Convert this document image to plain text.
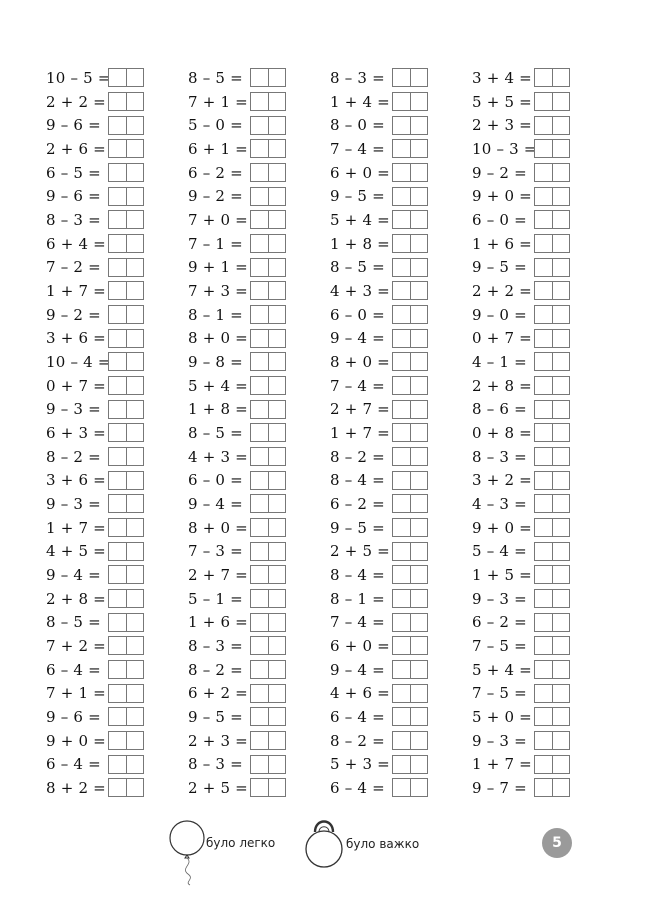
10 – 5 =
2 + 2 =
9 – 6 =
2 + 6 =
6 – 5 =
9 – 6 =
8 – 3 =
6 + 4 =
7 – 2 =
1 + 7 =
9 – 2 =
3 + 6 =
10 – 4 =
0 + 7 =
9 – 3 =
6 + 3 =
8 – 2 =
3 + 6 =
9 – 3 =
1 + 7 =
4 + 5 =
9 – 4 =
2 + 8 =
8 – 5 =
7 + 2 =
6 – 4 =
7 + 1 =
9 – 6 =
9 + 0 =
6 – 4 =
8 + 2 =
8 – 5 =
7 + 1 =
5 – 0 =
6 + 1 =
6 – 2 =
9 – 2 =
7 + 0 =
7 – 1 =
9 + 1 =
7 + 3 =
8 – 1 =
8 + 0 =
9 – 8 =
5 + 4 =
1 + 8 =
8 – 5 =
4 + 3 =
6 – 0 =
9 – 4 =
8 + 0 =
7 – 3 =
2 + 7 =
5 – 1 =
1 + 6 =
8 – 3 =
8 – 2 =
6 + 2 =
9 – 5 =
2 + 3 =
8 – 3 =
2 + 5 =
8 – 3 =
1 + 4 =
8 – 0 =
7 – 4 =
6 + 0 =
9 – 5 =
5 + 4 =
1 + 8 =
8 – 5 =
4 + 3 =
6 – 0 =
9 – 4 =
8 + 0 =
7 – 4 =
2 + 7 =
1 + 7 =
8 – 2 =
8 – 4 =
6 – 2 =
9 – 5 =
2 + 5 =
8 – 4 =
8 – 1 =
7 – 4 =
6 + 0 =
9 – 4 =
4 + 6 =
6 – 4 =
8 – 2 =
5 + 3 =
6 – 4 =
3 + 4 =
5 + 5 =
2 + 3 =
10 – 3 =
9 – 2 =
9 + 0 =
6 – 0 =
1 + 6 =
9 – 5 =
2 + 2 =
9 – 0 =
0 + 7 =
4 – 1 =
2 + 8 =
8 – 6 =
0 + 8 =
8 – 3 =
3 + 2 =
4 – 3 =
9 + 0 =
5 – 4 =
1 + 5 =
9 – 3 =
6 – 2 =
7 – 5 =
5 + 4 =
7 – 5 =
5 + 0 =
9 – 3 =
1 + 7 =
9 – 7 =
було легко	було важко	5
